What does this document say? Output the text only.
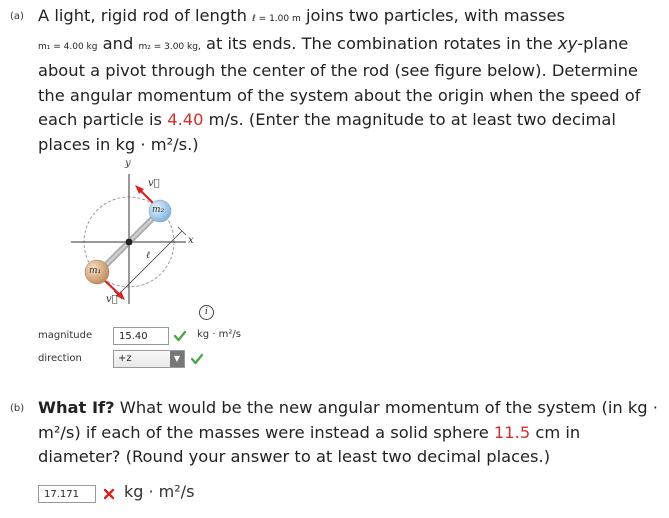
(a) A light, rigid rod of length ℓ = 1.00 m joins two particles, with masses
m₁ = 4.00 kg and m₂ = 3.00 kg, at its ends. The combination rotates in the xy-plane about a pivot through the center of the rod (see figure below). Determine the angular momentum of the system about the origin when the speed of each particle is 4.40 m/s. (Enter the magnitude to at least two decimal places in kg · m²/s.)
y
x
m₂
m₁
ℓ
v⃗
v⃗
i
magnitude	15.40	kg · m²/s
direction	+z	▼
(b) What If? What would be the new angular momentum of the system (in kg · m²/s) if each of the masses were instead a solid sphere 11.5 cm in diameter? (Round your answer to at least two decimal places.)
17.171	kg · m²/s
